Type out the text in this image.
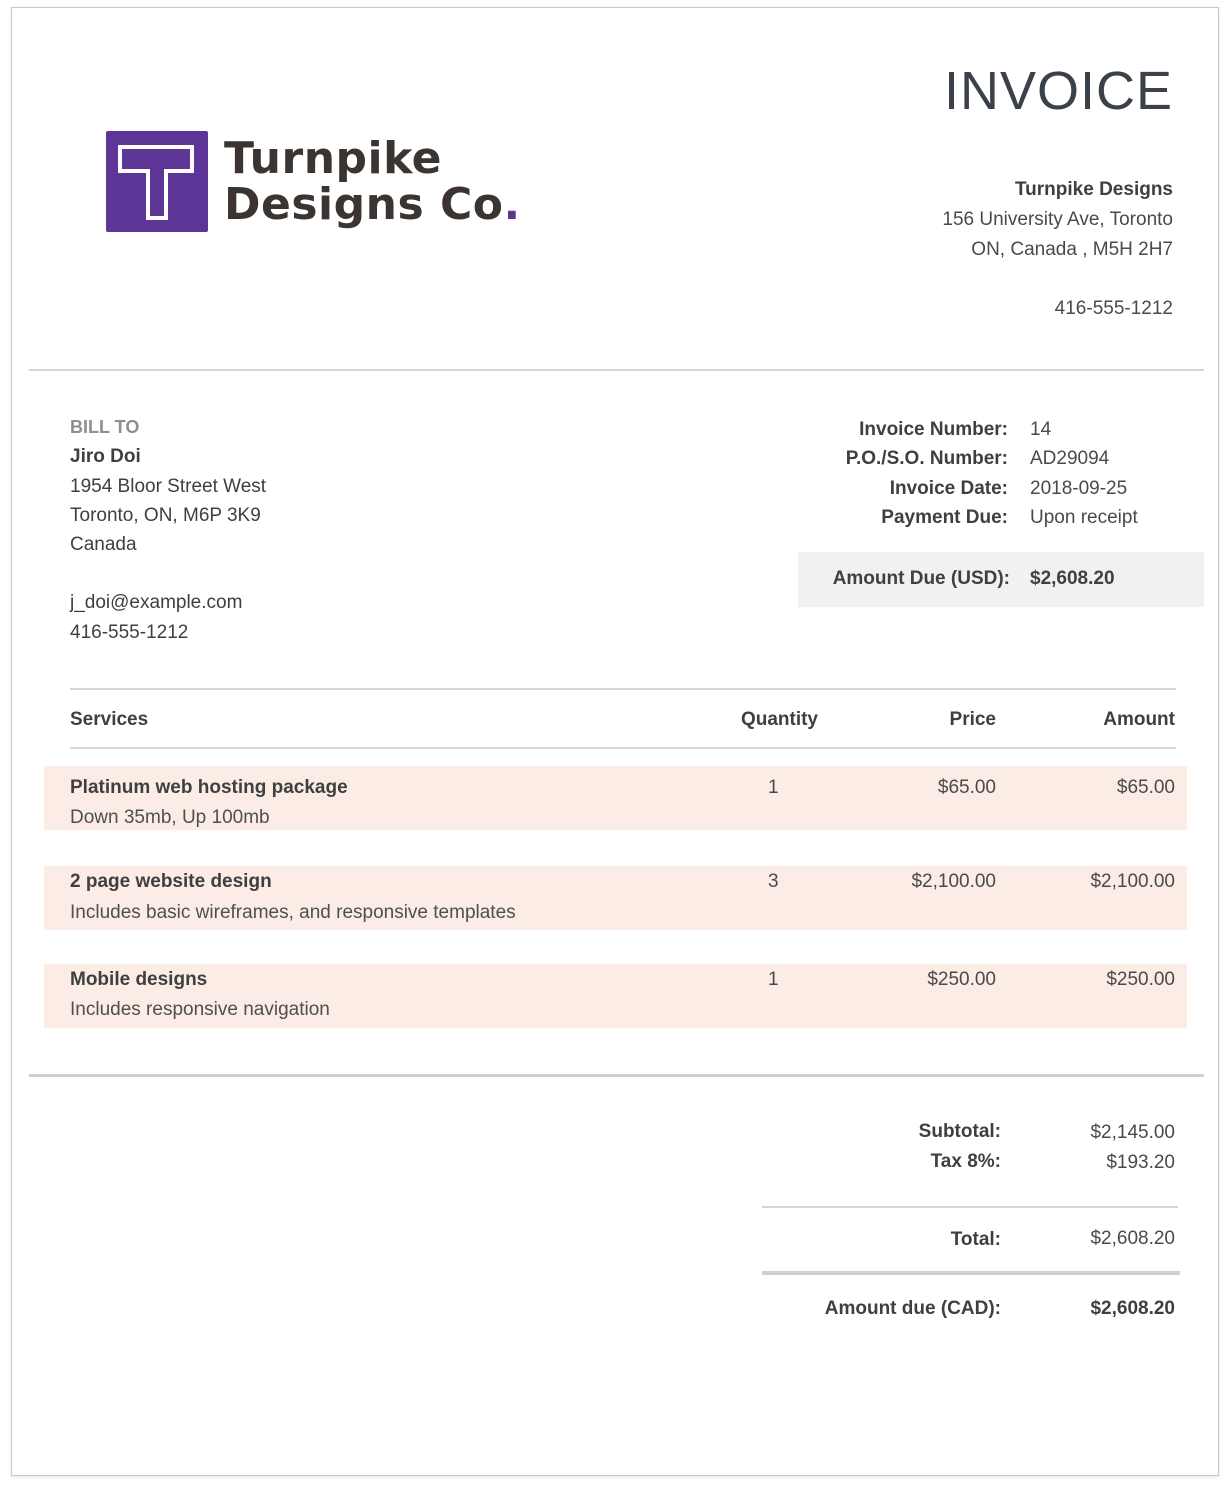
Turnpike
Designs Co.
INVOICE
Turnpike Designs
156 University Ave, Toronto
ON, Canada , M5H 2H7
416-555-1212
BILL TO
Jiro Doi
1954 Bloor Street West
Toronto, ON, M6P 3K9
Canada
j_doi@example.com
416-555-1212
Invoice Number:	14
P.O./S.O. Number:	AD29094
Invoice Date:	2018-09-25
Payment Due:	Upon receipt
Amount Due (USD): $2,608.20
Services	Quantity	Price	Amount
Platinum web hosting package
Down 35mb, Up 100mb
1	$65.00	$65.00
2 page website design
Includes basic wireframes, and responsive templates
3	$2,100.00	$2,100.00
Mobile designs
Includes responsive navigation
1	$250.00	$250.00
Subtotal:	$2,145.00
Tax 8%:	$193.20
Total:	$2,608.20
Amount due (CAD):	$2,608.20
